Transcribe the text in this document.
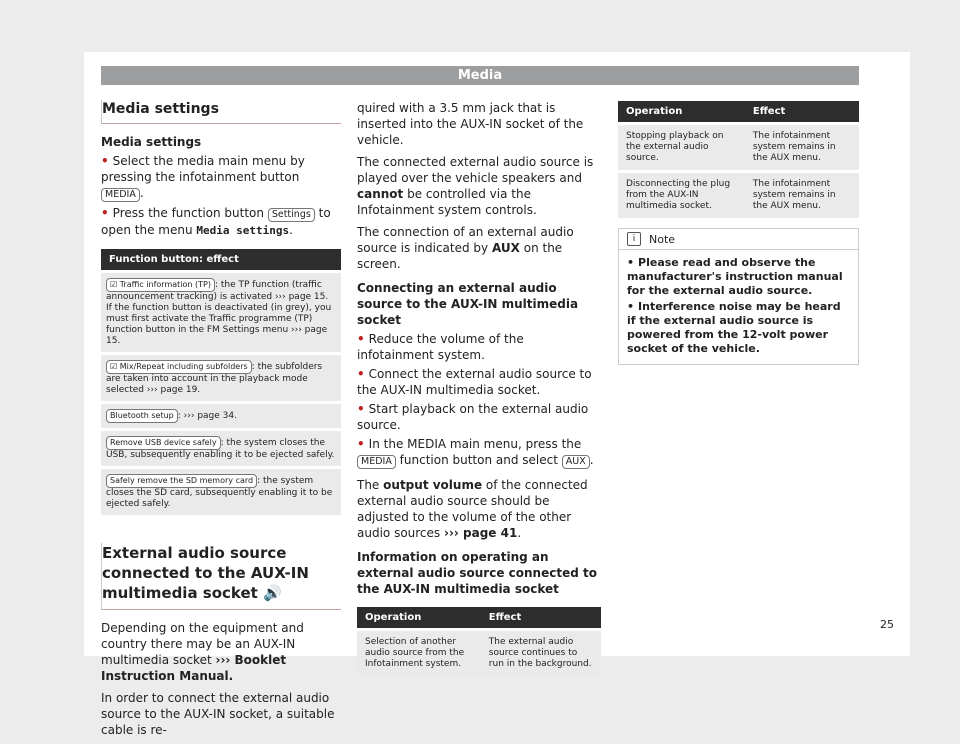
Media
Media settings
Media settings
• Select the media main menu by pressing the infotainment button MEDIA .
• Press the function button Settings to open the menu Media settings.
Function button: effect
☑ Traffic information (TP) : the TP function (traffic announcement tracking) is activated ››› page 15. If the function button is deactivated (in grey), you must first activate the Traffic programme (TP) function button in the FM Settings menu ››› page 15.
☑ Mix/Repeat including subfolders : the subfolders are taken into account in the playback mode selected ››› page 19.
Bluetooth setup : ››› page 34.
Remove USB device safely : the system closes the USB, subsequently enabling it to be ejected safely.
Safely remove the SD memory card : the system closes the SD card, subsequently enabling it to be ejected safely.
External audio source connected to the AUX-IN multimedia socket 🔊

Depending on the equipment and country there may be an AUX-IN multimedia socket ››› Booklet Instruction Manual.

In order to connect the external audio source to the AUX-IN socket, a suitable cable is re-

quired with a 3.5 mm jack that is inserted into the AUX-IN socket of the vehicle.

The connected external audio source is played over the vehicle speakers and cannot be controlled via the Infotainment system controls.

The connection of an external audio source is indicated by AUX on the screen.

Connecting an external audio source to the AUX-IN multimedia socket
• Reduce the volume of the infotainment system.
• Connect the external audio source to the AUX-IN multimedia socket.
• Start playback on the external audio source.
• In the MEDIA main menu, press the MEDIA function button and select AUX .

The output volume of the connected external audio source should be adjusted to the volume of the other audio sources ››› page 41.

Information on operating an external audio source connected to the AUX-IN multimedia socket
Operation	Effect
Selection of another audio source from the Infotainment system.	The external audio source continues to run in the background.
Operation	Effect
Stopping playback on the external audio source.	The infotainment system remains in the AUX menu.
Disconnecting the plug from the AUX-IN multimedia socket.	The infotainment system remains in the AUX menu.
i	Note
• Please read and observe the manufacturer's instruction manual for the external audio source.
• Interference noise may be heard if the external audio source is powered from the 12-volt power socket of the vehicle.
25
